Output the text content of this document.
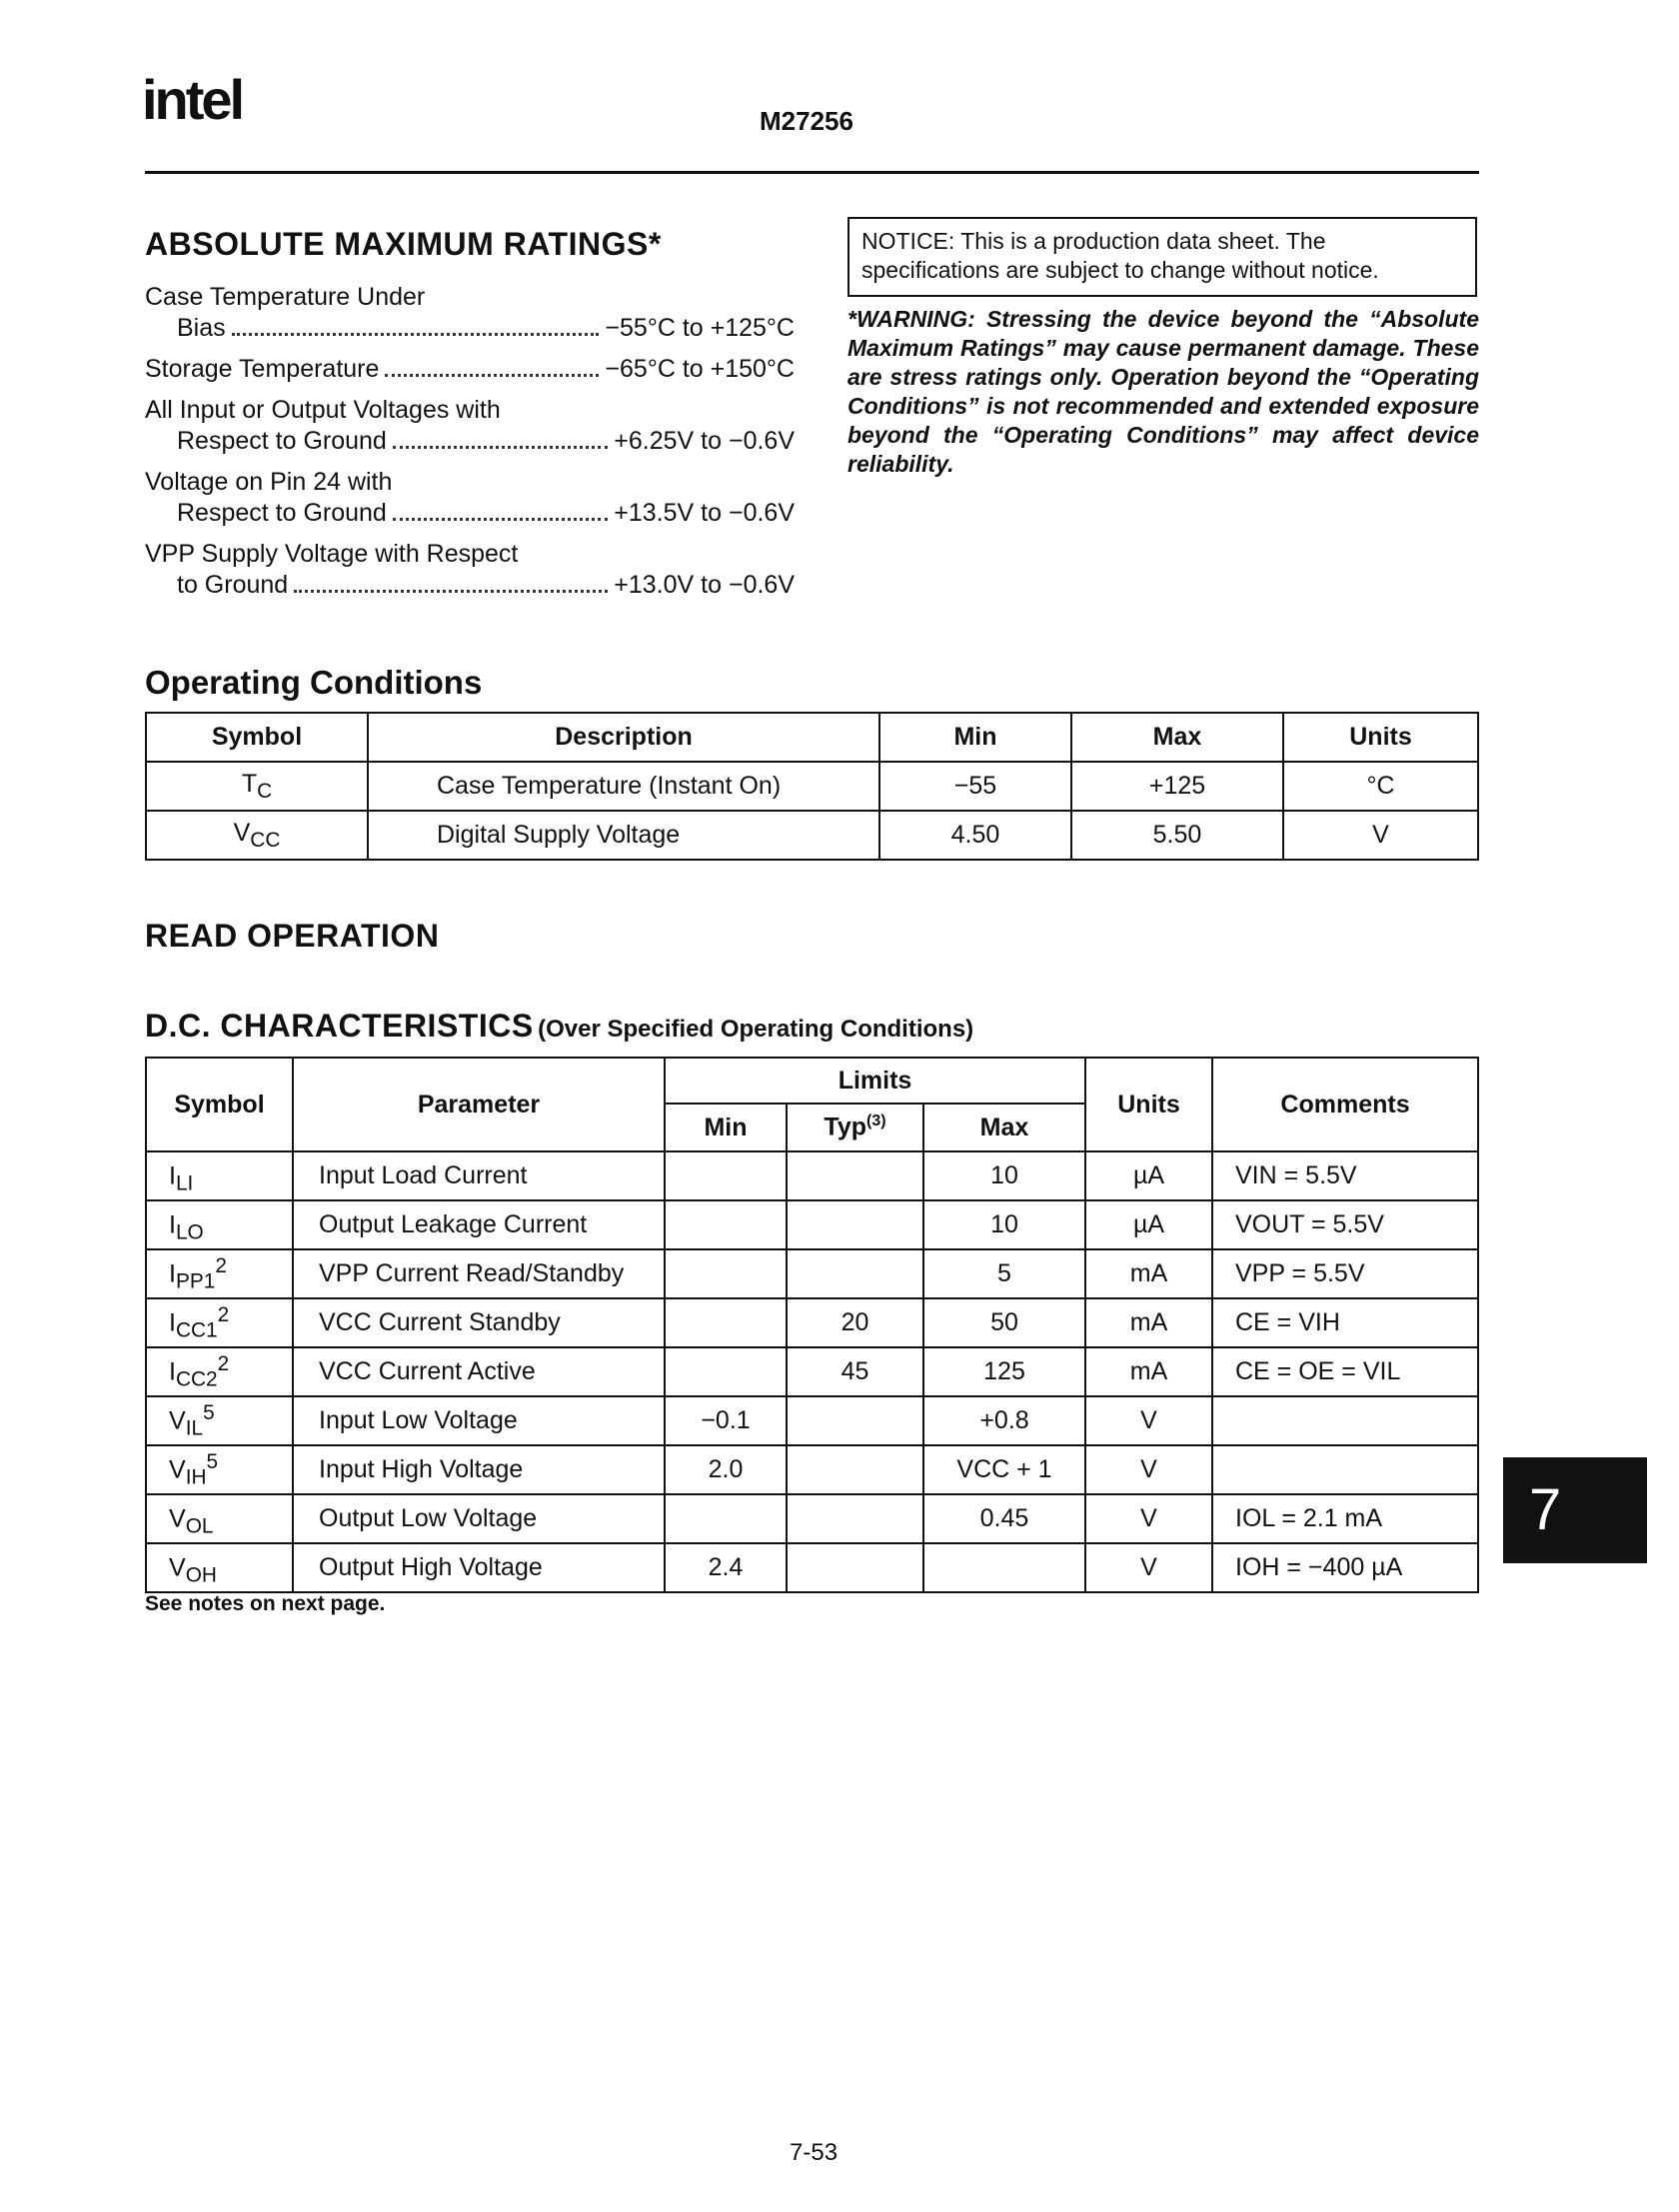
intel	M27256
ABSOLUTE MAXIMUM RATINGS*
Case Temperature Under
Bias	−55°C to +125°C
Storage Temperature	−65°C to +150°C
All Input or Output Voltages with
Respect to Ground	+6.25V to −0.6V
Voltage on Pin 24 with
Respect to Ground	+13.5V to −0.6V
VPP Supply Voltage with Respect
to Ground	+13.0V to −0.6V
NOTICE: This is a production data sheet. The specifications are subject to change without notice.
*WARNING: Stressing the device beyond the “Absolute Maximum Ratings” may cause permanent damage. These are stress ratings only. Operation beyond the “Operating Conditions” is not recommended and extended exposure beyond the “Operating Conditions” may affect device reliability.
Operating Conditions
Symbol	Description	Min	Max	Units
$T_C$	Case Temperature (Instant On)	−55	+125	°C
$V_{CC}$	Digital Supply Voltage	4.50	5.50	V
READ OPERATION
D.C. CHARACTERISTICS (Over Specified Operating Conditions)
Symbol	Parameter	Limits			Units	Comments
		Min	Typ$^{(3)}$	Max		
$I_{LI}$	Input Load Current			10	µA	VIN = 5.5V
$I_{LO}$	Output Leakage Current			10	µA	VOUT = 5.5V
$I_{PP1}^2$	VPP Current Read/Standby			5	mA	VPP = 5.5V
$I_{CC1}^2$	VCC Current Standby		20	50	mA	CE = VIH
$I_{CC2}^2$	VCC Current Active		45	125	mA	CE = OE = VIL
$V_{IL}^5$	Input Low Voltage	−0.1		+0.8	V	
$V_{IH}^5$	Input High Voltage	2.0		VCC + 1	V	
$V_{OL}$	Output Low Voltage			0.45	V	IOL = 2.1 mA
$V_{OH}$	Output High Voltage	2.4			V	IOH = −400 µA
See notes on next page.
7
7-53
